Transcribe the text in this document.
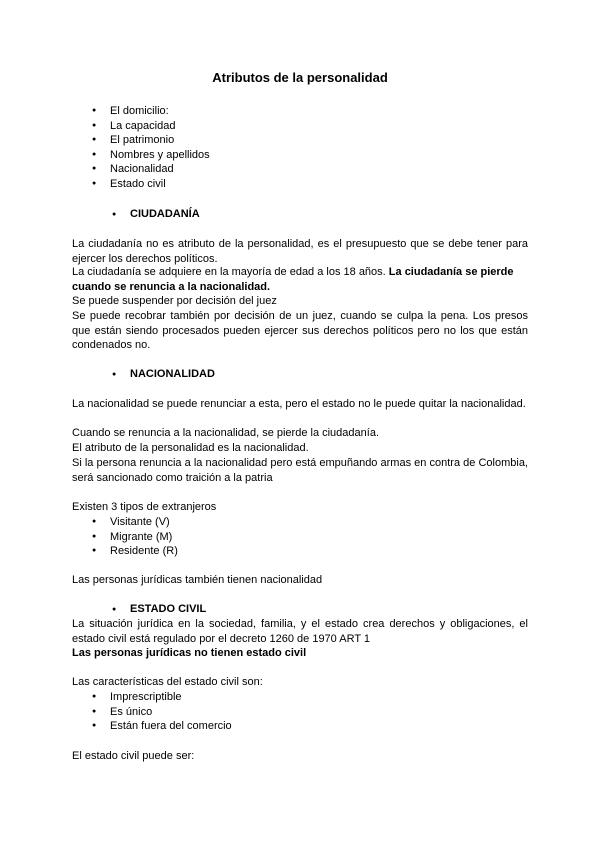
Atributos de la personalidad
● El domicilio:
● La capacidad
● El patrimonio
● Nombres y apellidos
● Nacionalidad
● Estado civil
● CIUDADANÍA
La ciudadanía no es atributo de la personalidad, es el presupuesto que se debe tener para ejercer los derechos políticos.
La ciudadanía se adquiere en la mayoría de edad a los 18 años. La ciudadanía se pierde cuando se renuncia a la nacionalidad.
Se puede suspender por decisión del juez
Se puede recobrar también por decisión de un juez, cuando se culpa la pena. Los presos que están siendo procesados pueden ejercer sus derechos políticos pero no los que están condenados no.
● NACIONALIDAD
La nacionalidad se puede renunciar a esta, pero el estado no le puede quitar la nacionalidad.
Cuando se renuncia a la nacionalidad, se pierde la ciudadanía.
El atributo de la personalidad es la nacionalidad.
Si la persona renuncia a la nacionalidad pero está empuñando armas en contra de Colombia, será sancionado como traición a la patria
Existen 3 tipos de extranjeros
● Visitante (V)
● Migrante (M)
● Residente (R)
Las personas jurídicas también tienen nacionalidad
● ESTADO CIVIL
La situación jurídica en la sociedad, familia, y el estado crea derechos y obligaciones, el estado civil está regulado por el decreto 1260 de 1970 ART 1
Las personas jurídicas no tienen estado civil
Las características del estado civil son:
● Imprescriptible
● Es único
● Están fuera del comercio
El estado civil puede ser:
